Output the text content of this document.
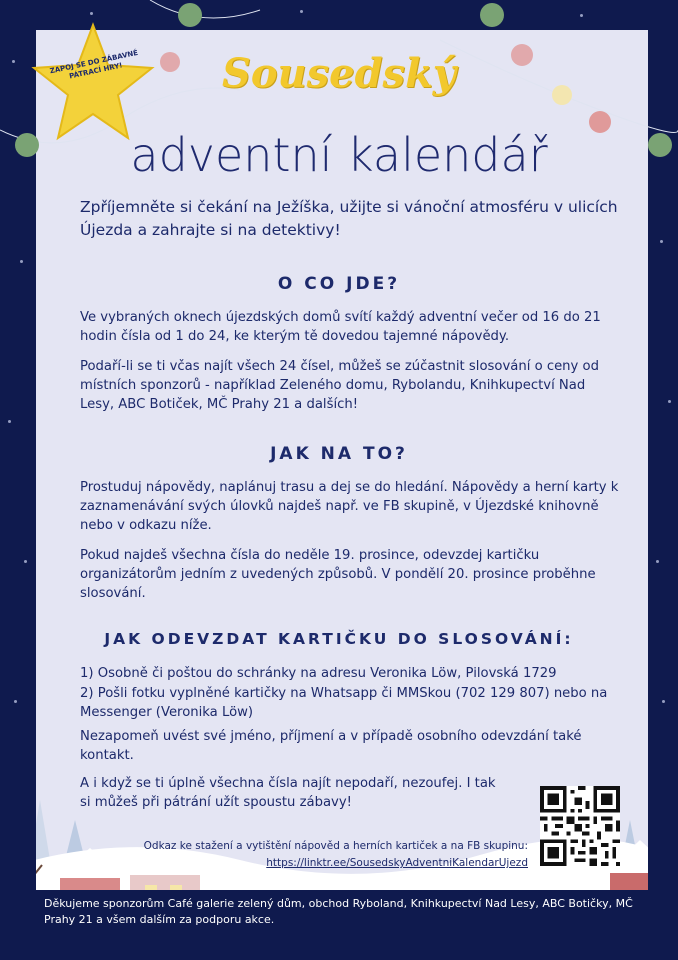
Sousedský
adventní kalendář
ZAPOJ SE DO ZÁBAVNÉ PÁTRACÍ HRY!
Zpříjemněte si čekání na Ježíška, užijte si vánoční atmosféru v ulicích Újezda a zahrajte si na detektivy!
O CO JDE?
Ve vybraných oknech újezdských domů svítí každý adventní večer od 16 do 21 hodin čísla od 1 do 24, ke kterým tě dovedou tajemné nápovědy.
Podaří-li se ti včas najít všech 24 čísel, můžeš se zúčastnit slosování o ceny od místních sponzorů - například Zeleného domu, Rybolandu, Knihkupectví Nad Lesy, ABC Botiček, MČ Prahy 21 a dalších!
JAK NA TO?
Prostuduj nápovědy, naplánuj trasu a dej se do hledání. Nápovědy a herní karty k zaznamenávání svých úlovků najdeš např. ve FB skupině, v Újezdské knihovně nebo v odkazu níže.
Pokud najdeš všechna čísla do neděle 19. prosince, odevzdej kartičku organizátorům jedním z uvedených způsobů. V pondělí 20. prosince proběhne slosování.
JAK ODEVZDAT KARTIČKU DO SLOSOVÁNÍ:
1) Osobně či poštou do schránky na adresu Veronika Löw, Pilovská 1729
2) Pošli fotku vyplněné kartičky na Whatsapp či MMSkou (702 129 807) nebo na Messenger (Veronika Löw)
Nezapomeň uvést své jméno, příjmení a v případě osobního odevzdání také kontakt.
A i když se ti úplně všechna čísla najít nepodaří, nezoufej. I tak si můžeš při pátrání užít spoustu zábavy!
Odkaz ke stažení a vytištění nápověd a herních kartiček a na FB skupinu:
https://linktr.ee/SousedskyAdventniKalendarUjezd
Děkujeme sponzorům Café galerie zelený dům, obchod Ryboland, Knihkupectví Nad Lesy, ABC Botičky, MČ Prahy 21 a všem dalším za podporu akce.
